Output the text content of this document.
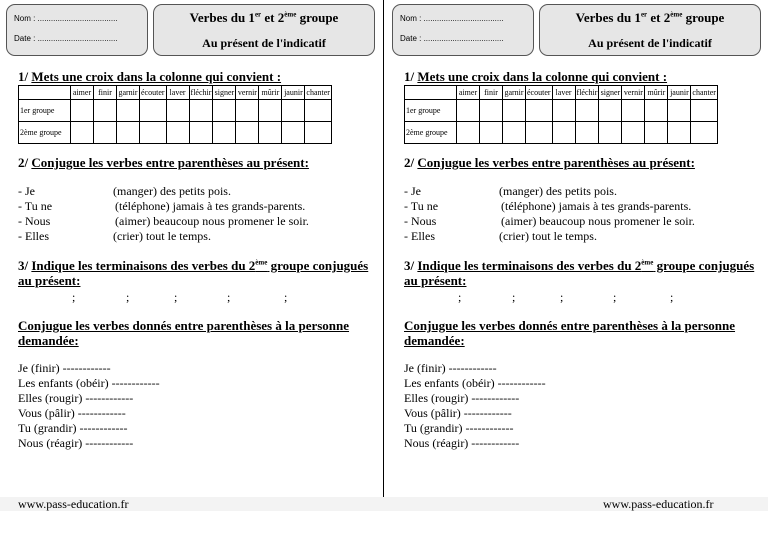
Nom : ....................................
Date : ....................................
Verbes du 1er et 2ème groupe
Au présent de l'indicatif
1/ Mets une croix dans la colonne qui convient :
	aimer	finir	garnir	écouter	laver	fléchir	signer	vernir	mûrir	jaunir	chanter
1er groupe											
2ème groupe											
2/ Conjugue les verbes entre parenthèses au présent:
- Je	(manger) des petits pois.
- Tu ne	(téléphone) jamais à tes grands-parents.
- Nous	(aimer) beaucoup nous promener le soir.
- Elles	(crier) tout le temps.
3/ Indique les terminaisons des verbes du 2ème groupe conjugués
au présent:
;	;	;	;	;
Conjugue les verbes donnés entre parenthèses à la personne
demandée:
Je (finir) ------------
Les enfants (obéir) ------------
Elles (rougir) ------------
Vous (pâlir) ------------
Tu (grandir) ------------
Nous (réagir) ------------
Nom : ....................................
Date : ....................................
Verbes du 1er et 2ème groupe
Au présent de l'indicatif
1/ Mets une croix dans la colonne qui convient :
	aimer	finir	garnir	écouter	laver	fléchir	signer	vernir	mûrir	jaunir	chanter
1er groupe											
2ème groupe											
2/ Conjugue les verbes entre parenthèses au présent:
- Je	(manger) des petits pois.
- Tu ne	(téléphone) jamais à tes grands-parents.
- Nous	(aimer) beaucoup nous promener le soir.
- Elles	(crier) tout le temps.
3/ Indique les terminaisons des verbes du 2ème groupe conjugués
au présent:
;	;	;	;	;
Conjugue les verbes donnés entre parenthèses à la personne
demandée:
Je (finir) ------------
Les enfants (obéir) ------------
Elles (rougir) ------------
Vous (pâlir) ------------
Tu (grandir) ------------
Nous (réagir) ------------
www.pass-education.fr	www.pass-education.fr
